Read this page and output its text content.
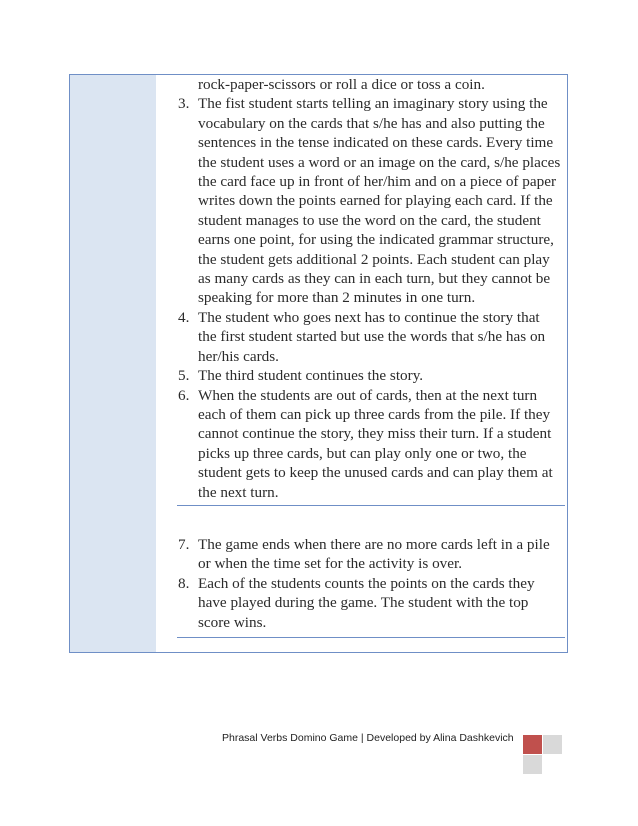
rock-paper-scissors or roll a dice or toss a coin.
3. The fist student starts telling an imaginary story using the
vocabulary on the cards that s/he has and also putting the
sentences in the tense indicated on these cards. Every time
the student uses a word or an image on the card, s/he places
the card face up in front of her/him and on a piece of paper
writes down the points earned for playing each card. If the
student manages to use the word on the card, the student
earns one point, for using the indicated grammar structure,
the student gets additional 2 points. Each student can play
as many cards as they can in each turn, but they cannot be
speaking for more than 2 minutes in one turn.
4. The student who goes next has to continue the story that
the first student started but use the words that s/he has on
her/his cards.
5. The third student continues the story.
6. When the students are out of cards, then at the next turn
each of them can pick up three cards from the pile. If they
cannot continue the story, they miss their turn. If a student
picks up three cards, but can play only one or two, the
student gets to keep the unused cards and can play them at
the next turn.
7. The game ends when there are no more cards left in a pile
or when the time set for the activity is over.
8. Each of the students counts the points on the cards they
have played during the game. The student with the top
score wins.
Phrasal Verbs Domino Game | Developed by Alina Dashkevich
